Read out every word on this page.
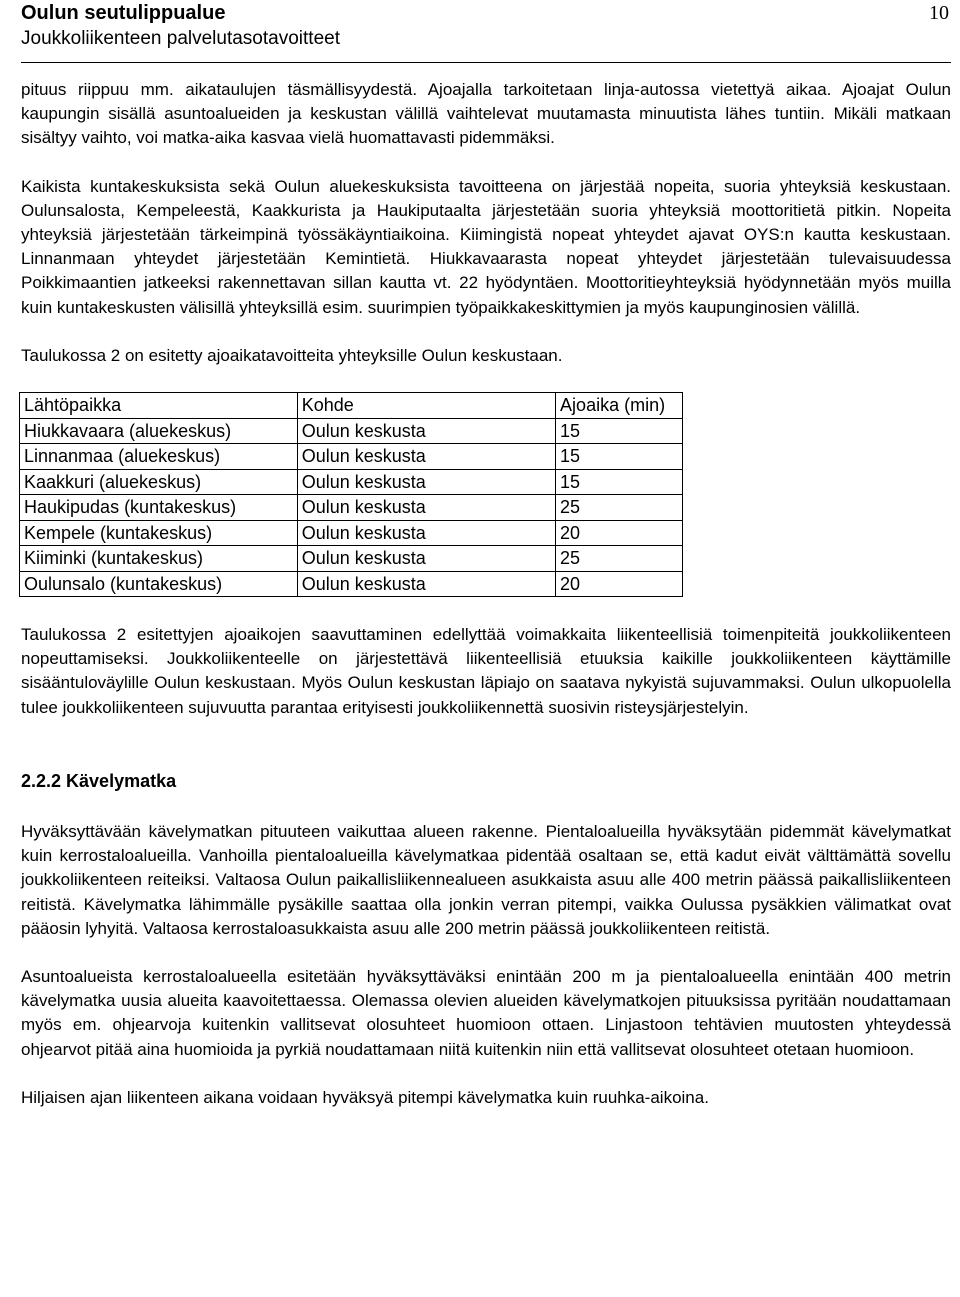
Oulun seutulippualue
Joukkoliikenteen palvelutasotavoitteet
10

pituus riippuu mm. aikataulujen täsmällisyydestä. Ajoajalla tarkoitetaan linja-autossa vietettyä aikaa. Ajoajat Oulun kaupungin sisällä asuntoalueiden ja keskustan välillä vaihtelevat muutamasta minuutista lähes tuntiin. Mikäli matkaan sisältyy vaihto, voi matka-aika kasvaa vielä huomattavasti pidemmäksi.

Kaikista kuntakeskuksista sekä Oulun aluekeskuksista tavoitteena on järjestää nopeita, suoria yhteyksiä keskustaan. Oulunsalosta, Kempeleestä, Kaakkurista ja Haukiputaalta järjestetään suoria yhteyksiä moottoritietä pitkin. Nopeita yhteyksiä järjestetään tärkeimpinä työssäkäyntiaikoina. Kiimingistä nopeat yhteydet ajavat OYS:n kautta keskustaan. Linnanmaan yhteydet järjestetään Kemintietä. Hiukkavaarasta nopeat yhteydet järjestetään tulevaisuudessa Poikkimaantien jatkeeksi rakennettavan sillan kautta vt. 22 hyödyntäen. Moottoritieyhteyksiä hyödynnetään myös muilla kuin kuntakeskusten välisillä yhteyksillä esim. suurimpien työpaikkakeskittymien ja myös kaupunginosien välillä.

Taulukossa 2 on esitetty ajoaikatavoitteita yhteyksille Oulun keskustaan.

Lähtöpaikka	Kohde	Ajoaika (min)
Hiukkavaara (aluekeskus)	Oulun keskusta	15
Linnanmaa (aluekeskus)	Oulun keskusta	15
Kaakkuri (aluekeskus)	Oulun keskusta	15
Haukipudas (kuntakeskus)	Oulun keskusta	25
Kempele (kuntakeskus)	Oulun keskusta	20
Kiiminki (kuntakeskus)	Oulun keskusta	25
Oulunsalo (kuntakeskus)	Oulun keskusta	20

Taulukossa 2 esitettyjen ajoaikojen saavuttaminen edellyttää voimakkaita liikenteellisiä toimenpiteitä joukkoliikenteen nopeuttamiseksi. Joukkoliikenteelle on järjestettävä liikenteellisiä etuuksia kaikille joukkoliikenteen käyttämille sisääntuloväylille Oulun keskustaan. Myös Oulun keskustan läpiajo on saatava nykyistä sujuvammaksi. Oulun ulkopuolella tulee joukkoliikenteen sujuvuutta parantaa erityisesti joukkoliikennettä suosivin risteysjärjestelyin.

2.2.2 Kävelymatka

Hyväksyttävään kävelymatkan pituuteen vaikuttaa alueen rakenne. Pientaloalueilla hyväksytään pidemmät kävelymatkat kuin kerrostaloalueilla. Vanhoilla pientaloalueilla kävelymatkaa pidentää osaltaan se, että kadut eivät välttämättä sovellu joukkoliikenteen reiteiksi. Valtaosa Oulun paikallisliikennealueen asukkaista asuu alle 400 metrin päässä paikallisliikenteen reitistä. Kävelymatka lähimmälle pysäkille saattaa olla jonkin verran pitempi, vaikka Oulussa pysäkkien välimatkat ovat pääosin lyhyitä. Valtaosa kerrostaloasukkaista asuu alle 200 metrin päässä joukkoliikenteen reitistä.

Asuntoalueista kerrostaloalueella esitetään hyväksyttäväksi enintään 200 m ja pientaloalueella enintään 400 metrin kävelymatka uusia alueita kaavoitettaessa. Olemassa olevien alueiden kävelymatkojen pituuksissa pyritään noudattamaan myös em. ohjearvoja kuitenkin vallitsevat olosuhteet huomioon ottaen. Linjastoon tehtävien muutosten yhteydessä ohjearvot pitää aina huomioida ja pyrkiä noudattamaan niitä kuitenkin niin että vallitsevat olosuhteet otetaan huomioon.

Hiljaisen ajan liikenteen aikana voidaan hyväksyä pitempi kävelymatka kuin ruuhka-aikoina.
